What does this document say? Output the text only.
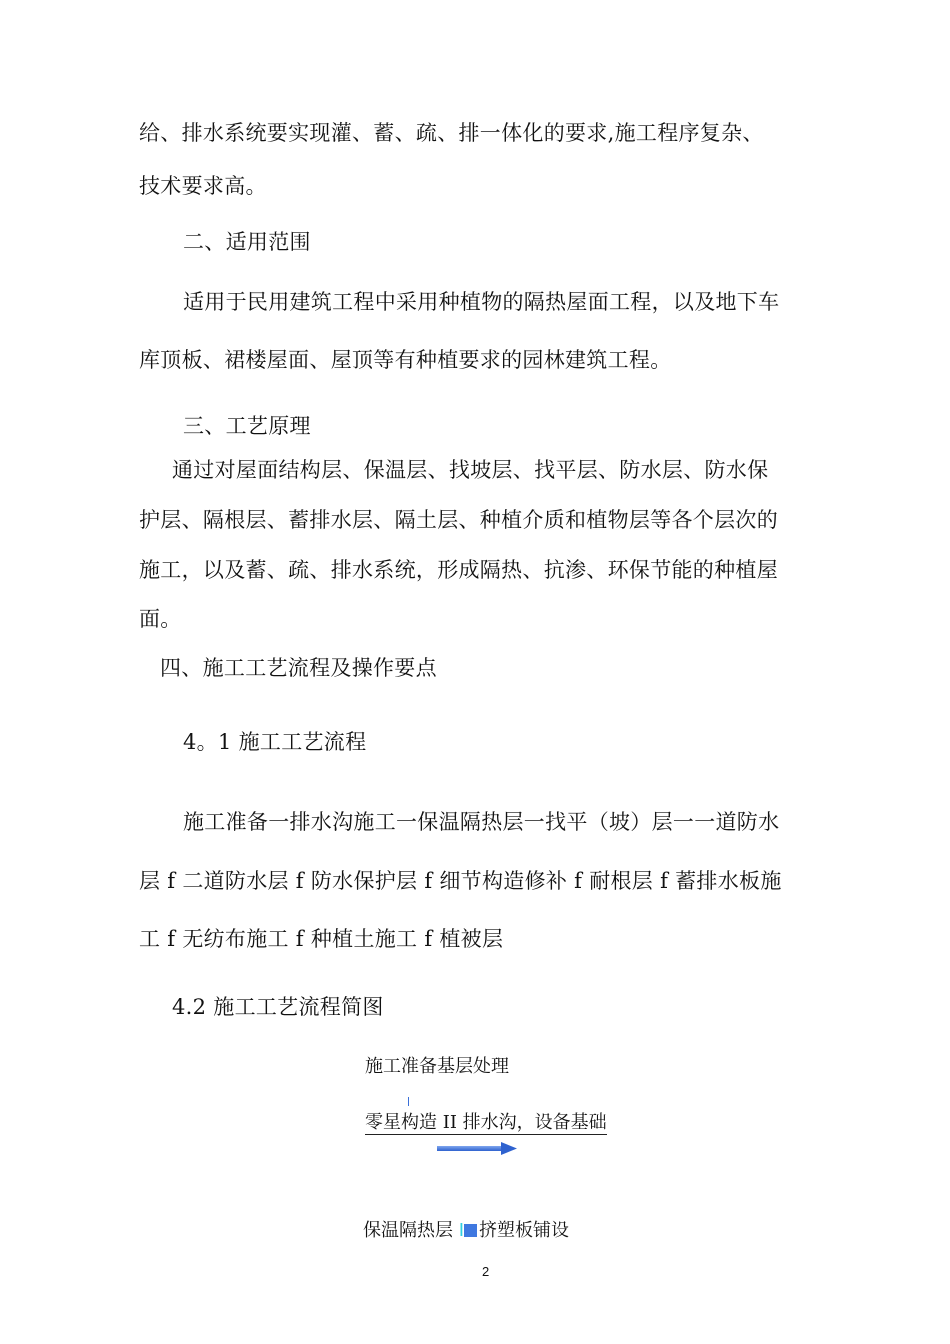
给、排水系统要实现灌、蓄、疏、排一体化的要求,施工程序复杂、
技术要求高。
二、适用范围
适用于民用建筑工程中采用种植物的隔热屋面工程，以及地下车
库顶板、裙楼屋面、屋顶等有种植要求的园林建筑工程。
三、工艺原理
通过对屋面结构层、保温层、找坡层、找平层、防水层、防水保
护层、隔根层、蓄排水层、隔土层、种植介质和植物层等各个层次的
施工，以及蓄、疏、排水系统，形成隔热、抗渗、环保节能的种植屋
面。
四、施工工艺流程及操作要点
4。1 施工工艺流程
施工准备一排水沟施工一保温隔热层一找平（坡）层一一道防水
层 f 二道防水层 f 防水保护层 f 细节构造修补 f 耐根层 f 蓄排水板施
工 f 无纺布施工 f 种植土施工 f 植被层
4.2 施工工艺流程简图
施工准备基层处理
零星构造 II 排水沟，设备基础
保温隔热层 I 挤塑板铺设
2
